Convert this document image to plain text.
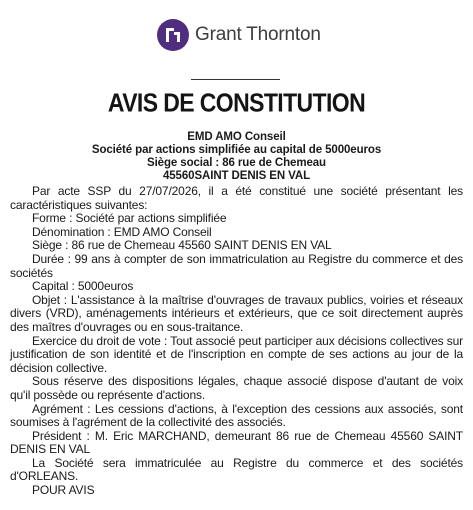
Grant Thornton
AVIS DE CONSTITUTION
EMD AMO Conseil
Société par actions simplifiée au capital de 5000euros
Siège social : 86 rue de Chemeau
45560SAINT DENIS EN VAL

Par acte SSP du 27/07/2026, il a été constitué une société présentant les caractéristiques suivantes:

Forme : Société par actions simplifiée

Dénomination : EMD AMO Conseil

Siège : 86 rue de Chemeau 45560 SAINT DENIS EN VAL

Durée : 99 ans à compter de son immatriculation au Registre du commerce et des sociétés

Capital : 5000euros

Objet : L'assistance à la maîtrise d'ouvrages de travaux publics, voiries et réseaux divers (VRD), aménagements intérieurs et extérieurs, que ce soit directement auprès des maîtres d'ouvrages ou en sous-traitance.

Exercice du droit de vote : Tout associé peut participer aux décisions collectives sur justification de son identité et de l'inscription en compte de ses actions au jour de la décision collective.

Sous réserve des dispositions légales, chaque associé dispose d'autant de voix qu'il possède ou représente d'actions.

Agrément : Les cessions d'actions, à l'exception des cessions aux associés, sont soumises à l'agrément de la collectivité des associés.

Président : M. Eric MARCHAND, demeurant 86 rue de Chemeau 45560 SAINT DENIS EN VAL

La Société sera immatriculée au Registre du commerce et des sociétés d'ORLEANS.

POUR AVIS
